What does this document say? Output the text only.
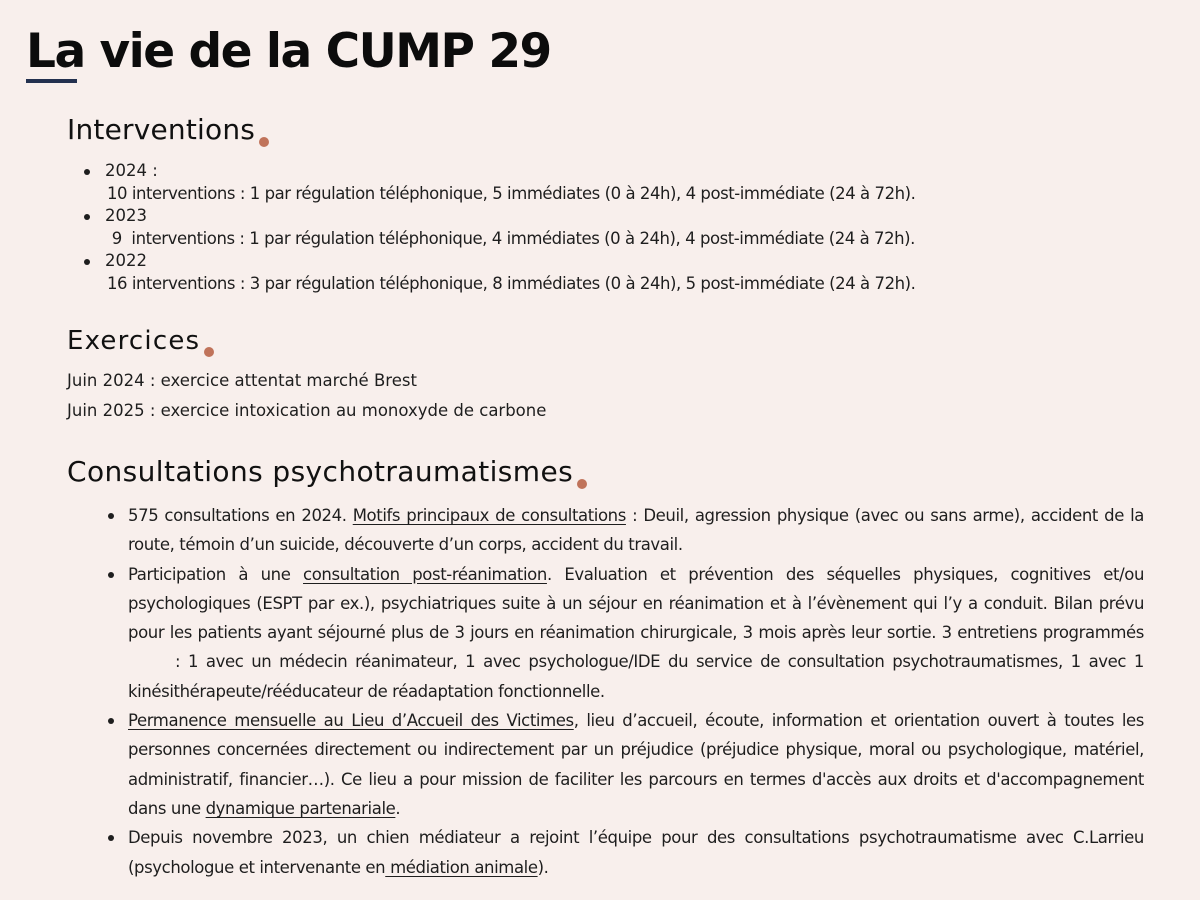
La vie de la CUMP 29
Interventions
2024 :
10 interventions : 1 par régulation téléphonique, 5 immédiates (0 à 24h), 4 post-immédiate (24 à 72h).
2023
9  interventions : 1 par régulation téléphonique, 4 immédiates (0 à 24h), 4 post-immédiate (24 à 72h).
2022
16 interventions : 3 par régulation téléphonique, 8 immédiates (0 à 24h), 5 post-immédiate (24 à 72h).
Exercices

Juin 2024 : exercice attentat marché Brest

Juin 2025 : exercice intoxication au monoxyde de carbone

Consultations psychotraumatismes
575 consultations en 2024. Motifs principaux de consultations : Deuil, agression physique (avec ou sans arme), accident de la route, témoin d’un suicide, découverte d’un corps, accident du travail.
Participation à une consultation post-réanimation. Evaluation et prévention des séquelles physiques, cognitives et/ou psychologiques (ESPT par ex.), psychiatriques suite à un séjour en réanimation et à l’évènement qui l’y a conduit. Bilan prévu pour les patients ayant séjourné plus de 3 jours en réanimation chirurgicale, 3 mois après leur sortie. 3 entretiens programmés      : 1 avec un médecin réanimateur, 1 avec psychologue/IDE du service de consultation psychotraumatismes, 1 avec 1 kinésithérapeute/rééducateur de réadaptation fonctionnelle.
Permanence mensuelle au Lieu d’Accueil des Victimes, lieu d’accueil, écoute, information et orientation ouvert à toutes les personnes concernées directement ou indirectement par un préjudice (préjudice physique, moral ou psychologique, matériel, administratif, financier…). Ce lieu a pour mission de faciliter les parcours en termes d'accès aux droits et d'accompagnement dans une dynamique partenariale.
Depuis novembre 2023, un chien médiateur a rejoint l’équipe pour des consultations psychotraumatisme avec C.Larrieu (psychologue et intervenante en médiation animale).
